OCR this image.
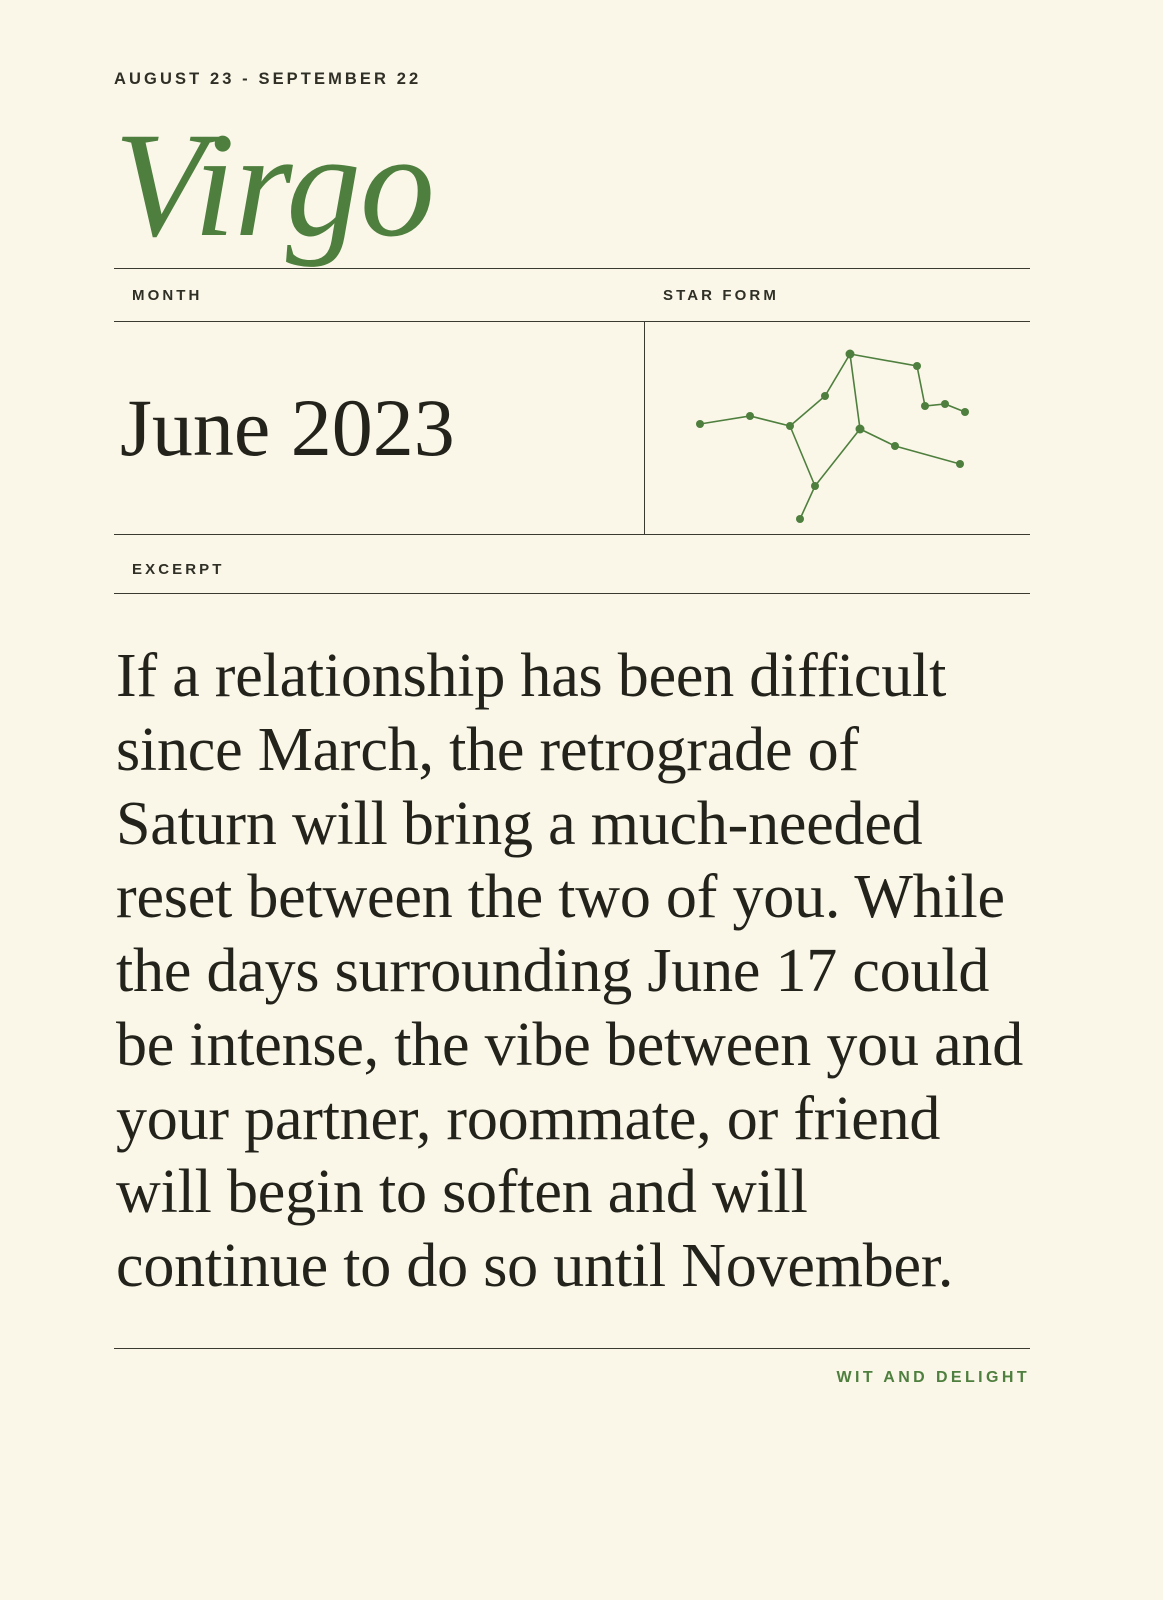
AUGUST 23 - SEPTEMBER 22
Virgo
MONTH	STAR FORM
June 2023
EXCERPT
If a relationship has been difficult since March, the retrograde of Saturn will bring a much-needed reset between the two of you. While the days surrounding June 17 could be intense, the vibe between you and your partner, roommate, or friend will begin to soften and will continue to do so until November.
WIT AND DELIGHT
